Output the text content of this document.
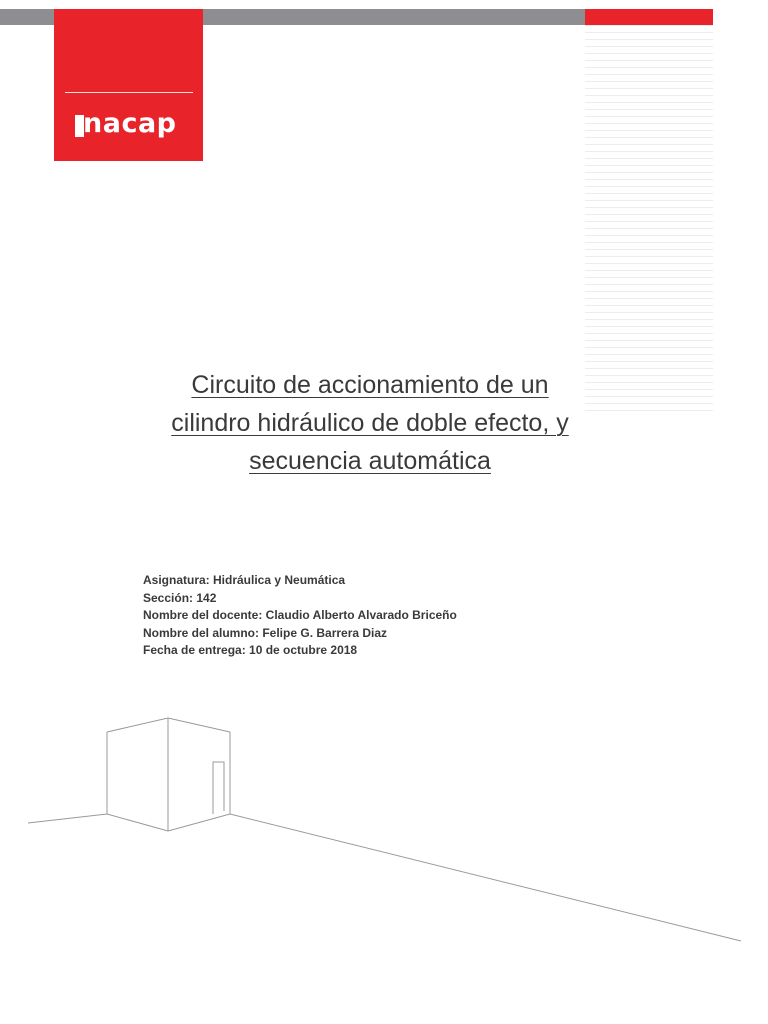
nacap
Circuito de accionamiento de un
cilindro hidráulico de doble efecto, y
secuencia automática
Asignatura: Hidráulica y Neumática
Sección: 142
Nombre del docente: Claudio Alberto Alvarado Briceño
Nombre del alumno: Felipe G. Barrera Diaz
Fecha de entrega: 10 de octubre 2018
